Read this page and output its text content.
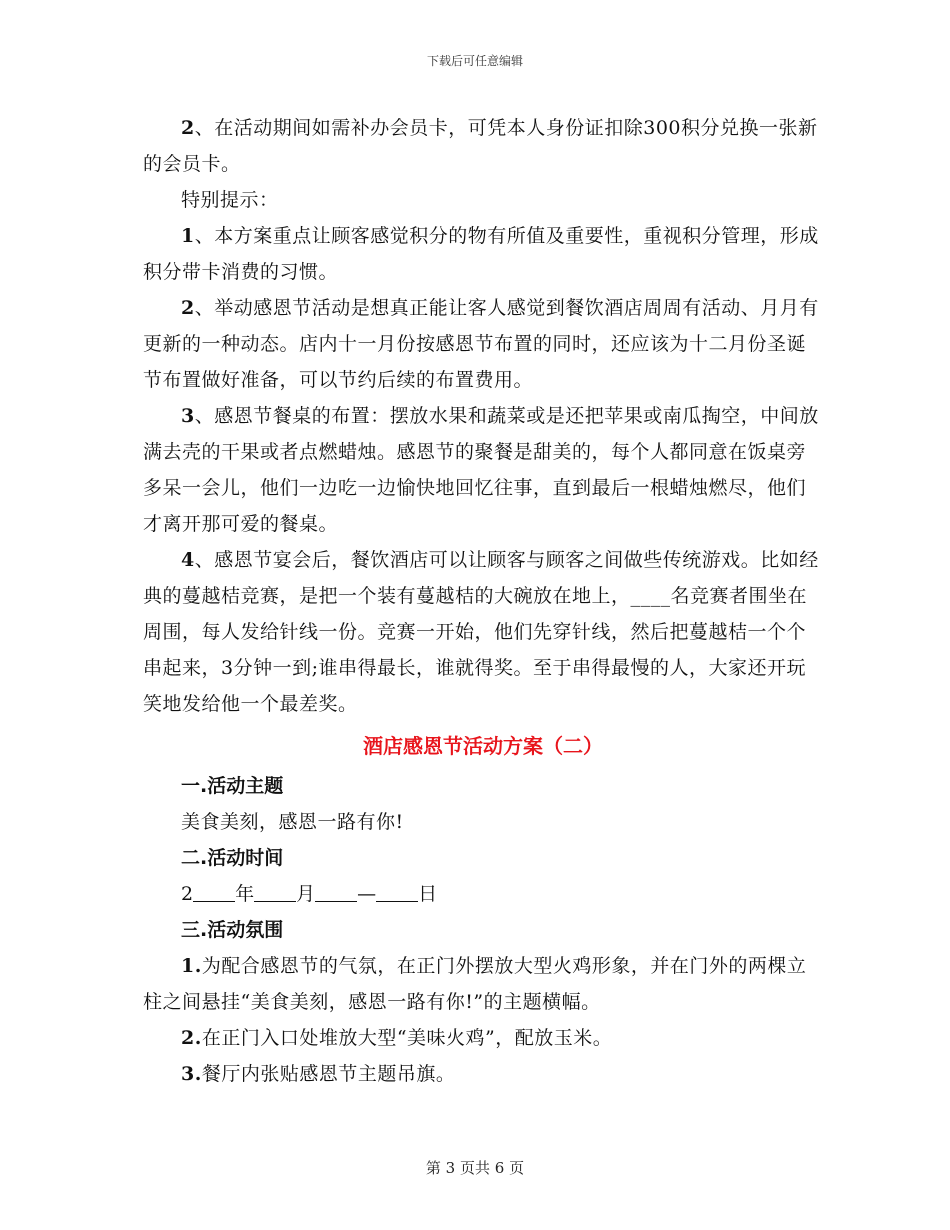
下载后可任意编辑

2、在活动期间如需补办会员卡，可凭本人身份证扣除300积分兑换一张新的会员卡。

特别提示：

1、本方案重点让顾客感觉积分的物有所值及重要性，重视积分管理，形成积分带卡消费的习惯。

2、举动感恩节活动是想真正能让客人感觉到餐饮酒店周周有活动、月月有更新的一种动态。店内十一月份按感恩节布置的同时，还应该为十二月份圣诞节布置做好准备，可以节约后续的布置费用。

3、感恩节餐桌的布置：摆放水果和蔬菜或是还把苹果或南瓜掏空，中间放满去壳的干果或者点燃蜡烛。感恩节的聚餐是甜美的，每个人都同意在饭桌旁多呆一会儿，他们一边吃一边愉快地回忆往事，直到最后一根蜡烛燃尽，他们才离开那可爱的餐桌。

4、感恩节宴会后，餐饮酒店可以让顾客与顾客之间做些传统游戏。比如经典的蔓越桔竞赛，是把一个装有蔓越桔的大碗放在地上，____名竞赛者围坐在周围，每人发给针线一份。竞赛一开始，他们先穿针线，然后把蔓越桔一个个串起来，3分钟一到;谁串得最长，谁就得奖。至于串得最慢的人，大家还开玩笑地发给他一个最差奖。

酒店感恩节活动方案（二）

一.活动主题

美食美刻，感恩一路有你!

二.活动时间

2 年 月 — 日

三.活动氛围

1.为配合感恩节的气氛，在正门外摆放大型火鸡形象，并在门外的两棵立柱之间悬挂“美食美刻，感恩一路有你!”的主题横幅。

2.在正门入口处堆放大型“美味火鸡”，配放玉米。

3.餐厅内张贴感恩节主题吊旗。

第 3 页共 6 页
